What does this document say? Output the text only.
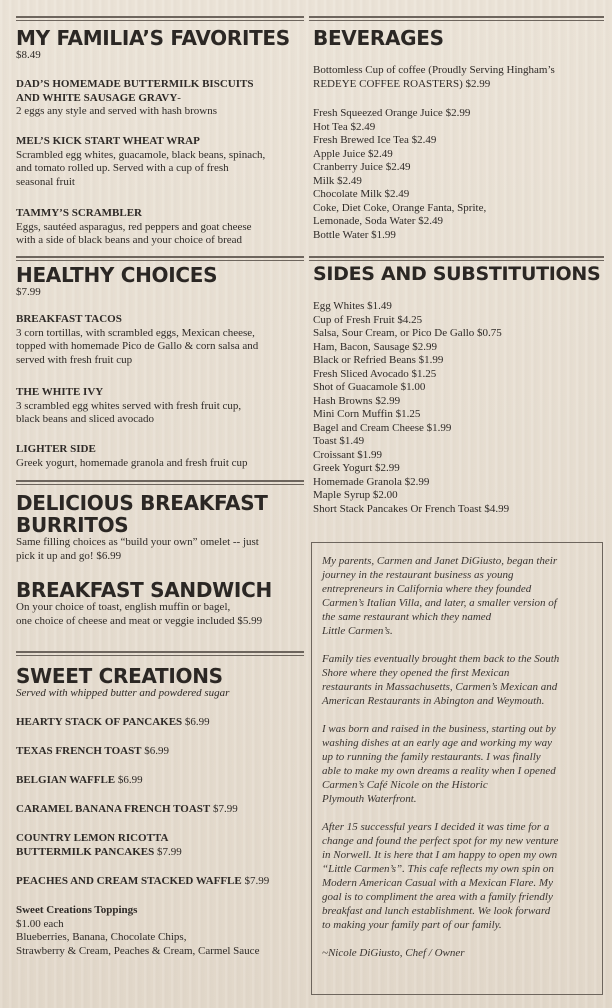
MY FAMILIA’S FAVORITES
$8.49
DAD’S HOMEMADE BUTTERMILK BISCUITS
AND WHITE SAUSAGE GRAVY-
2 eggs any style and served with hash browns
MEL’S KICK START WHEAT WRAP
Scrambled egg whites, guacamole, black beans, spinach,
and tomato rolled up. Served with a cup of fresh
seasonal fruit
TAMMY’S SCRAMBLER
Eggs, sautéed asparagus, red peppers and goat cheese
with a side of black beans and your choice of bread
HEALTHY CHOICES
$7.99
BREAKFAST TACOS
3 corn tortillas, with scrambled eggs, Mexican cheese,
topped with homemade Pico de Gallo & corn salsa and
served with fresh fruit cup
THE WHITE IVY
3 scrambled egg whites served with fresh fruit cup,
black beans and sliced avocado
LIGHTER SIDE
Greek yogurt, homemade granola and fresh fruit cup
DELICIOUS BREAKFAST
BURRITOS
Same filling choices as “build your own” omelet -- just
pick it up and go! $6.99
BREAKFAST SANDWICH
On your choice of toast, english muffin or bagel,
one choice of cheese and meat or veggie included $5.99
SWEET CREATIONS
Served with whipped butter and powdered sugar
HEARTY STACK OF PANCAKES $6.99
TEXAS FRENCH TOAST $6.99
BELGIAN WAFFLE $6.99
CARAMEL BANANA FRENCH TOAST $7.99
COUNTRY LEMON RICOTTA
BUTTERMILK PANCAKES $7.99
PEACHES AND CREAM STACKED WAFFLE $7.99
Sweet Creations Toppings
$1.00 each
Blueberries, Banana, Chocolate Chips,
Strawberry & Cream, Peaches & Cream, Carmel Sauce
BEVERAGES
Bottomless Cup of coffee (Proudly Serving Hingham’s
REDEYE COFFEE ROASTERS) $2.99
Fresh Squeezed Orange Juice $2.99
Hot Tea $2.49
Fresh Brewed Ice Tea $2.49
Apple Juice $2.49
Cranberry Juice $2.49
Milk $2.49
Chocolate Milk $2.49
Coke, Diet Coke, Orange Fanta, Sprite,
Lemonade, Soda Water $2.49
Bottle Water $1.99
SIDES AND SUBSTITUTIONS
Egg Whites $1.49
Cup of Fresh Fruit $4.25
Salsa, Sour Cream, or Pico De Gallo $0.75
Ham, Bacon, Sausage $2.99
Black or Refried Beans $1.99
Fresh Sliced Avocado $1.25
Shot of Guacamole $1.00
Hash Browns $2.99
Mini Corn Muffin $1.25
Bagel and Cream Cheese $1.99
Toast $1.49
Croissant $1.99
Greek Yogurt $2.99
Homemade Granola $2.99
Maple Syrup $2.00
Short Stack Pancakes Or French Toast $4.99

My parents, Carmen and Janet DiGiusto, began their
journey in the restaurant business as young
entrepreneurs in California where they founded
Carmen’s Italian Villa, and later, a smaller version of
the same restaurant which they named
Little Carmen’s.

Family ties eventually brought them back to the South
Shore where they opened the first Mexican
restaurants in Massachusetts, Carmen’s Mexican and
American Restaurants in Abington and Weymouth.

I was born and raised in the business, starting out by
washing dishes at an early age and working my way
up to running the family restaurants. I was finally
able to make my own dreams a reality when I opened
Carmen’s Café Nicole on the Historic
Plymouth Waterfront.

After 15 successful years I decided it was time for a
change and found the perfect spot for my new venture
in Norwell. It is here that I am happy to open my own
“Little Carmen’s”. This cafe reflects my own spin on
Modern American Casual with a Mexican Flare. My
goal is to compliment the area with a family friendly
breakfast and lunch establishment. We look forward
to making your family part of our family.

~Nicole DiGiusto, Chef / Owner
